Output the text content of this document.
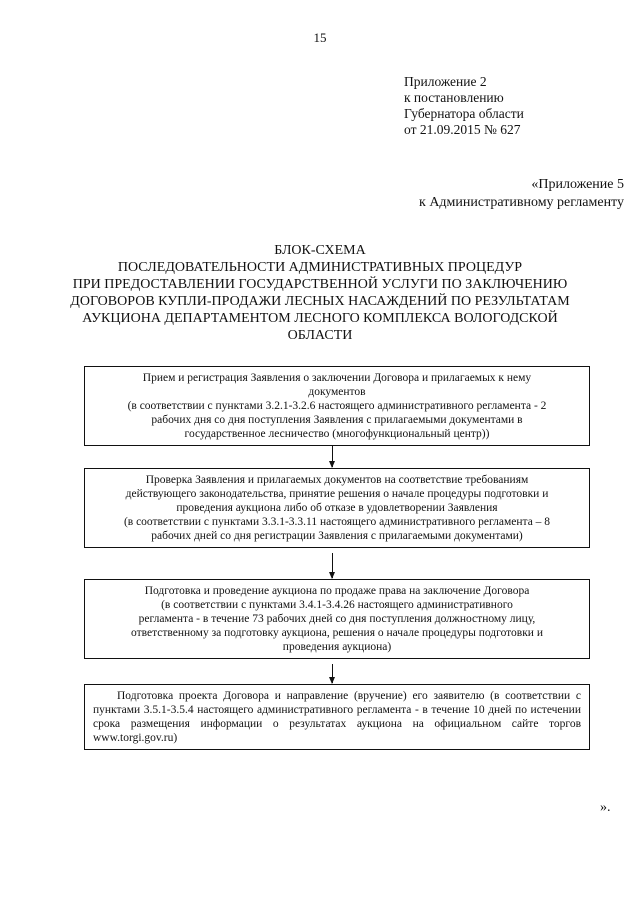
15
Приложение 2
к постановлению
Губернатора области
от 21.09.2015 № 627
«Приложение 5
к Административному регламенту
БЛОК-СХЕМА
ПОСЛЕДОВАТЕЛЬНОСТИ АДМИНИСТРАТИВНЫХ ПРОЦЕДУР
ПРИ ПРЕДОСТАВЛЕНИИ ГОСУДАРСТВЕННОЙ УСЛУГИ ПО ЗАКЛЮЧЕНИЮ
ДОГОВОРОВ КУПЛИ-ПРОДАЖИ ЛЕСНЫХ НАСАЖДЕНИЙ ПО РЕЗУЛЬТАТАМ
АУКЦИОНА ДЕПАРТАМЕНТОМ ЛЕСНОГО КОМПЛЕКСА ВОЛОГОДСКОЙ
ОБЛАСТИ
Прием и регистрация Заявления о заключении Договора и прилагаемых к нему
документов
(в соответствии с пунктами 3.2.1-3.2.6 настоящего административного регламента - 2
рабочих дня со дня поступления Заявления с прилагаемыми документами в
государственное лесничество (многофункциональный центр))
Проверка Заявления и прилагаемых документов на соответствие требованиям
действующего законодательства, принятие решения о начале процедуры подготовки и
проведения аукциона либо об отказе в удовлетворении Заявления
(в соответствии с пунктами 3.3.1-3.3.11 настоящего административного регламента – 8
рабочих дней со дня регистрации Заявления с прилагаемыми документами)
Подготовка и проведение аукциона по продаже права на заключение Договора
(в соответствии с пунктами 3.4.1-3.4.26 настоящего административного
регламента - в течение 73 рабочих дней со дня поступления должностному лицу,
ответственному за подготовку аукциона, решения о начале процедуры подготовки и
проведения аукциона)
Подготовка проекта Договора и направление (вручение) его заявителю (в соответствии с пунктами 3.5.1-3.5.4 настоящего административного регламента - в течение 10 дней по истечении срока размещения информации о результатах аукциона на официальном сайте торгов www.torgi.gov.ru)
».
